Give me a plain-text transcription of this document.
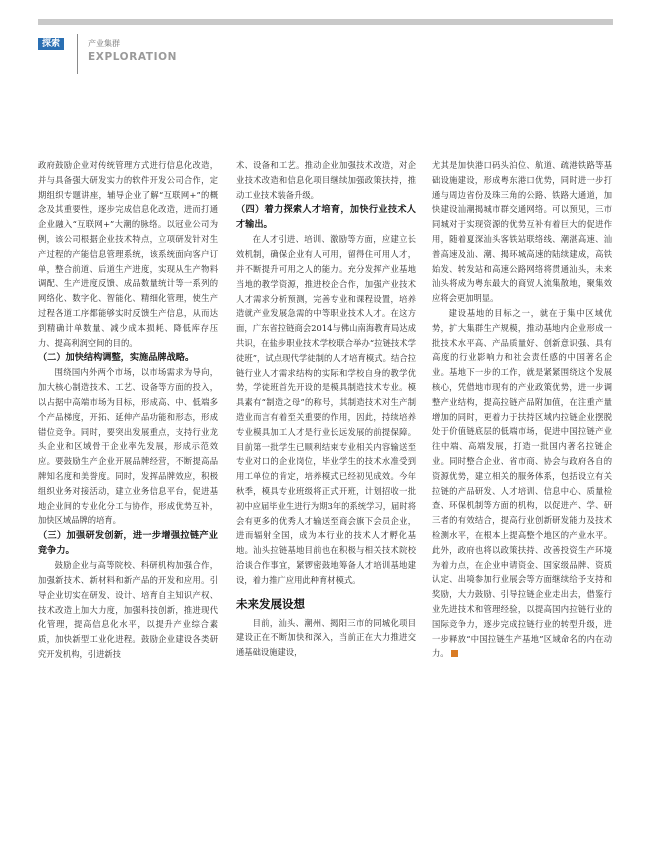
探索	产业集群
EXPLORATION

政府鼓励企业对传统管理方式进行信息化改造，并与具备强大研发实力的软件开发公司合作，定期组织专题讲座，辅导企业了解“互联网+”的概念及其重要性，逐步完成信息化改造，进而打通企业融入“互联网+”大潮的脉络。以冠业公司为例，该公司根据企业技术特点，立项研发针对生产过程的产能信息管理系统，该系统面向客户订单，整合前道、后道生产进度，实现从生产物料调配、生产进度反馈、成品数量统计等一系列的网络化、数字化、智能化、精细化管理，使生产过程各道工序都能够实时反馈生产信息，从而达到精确计单数量、减少成本损耗、降低库存压力、提高利润空间的目的。

（二）加快结构调整，实施品牌战略。

围绕国内外两个市场，以市场需求为导向，加大核心制造技术、工艺、设备等方面的投入，以占据中高端市场为目标，形成高、中、低端多个产品梯度，开拓、延伸产品功能和形态，形成错位竞争。同时，要突出发展重点，支持行业龙头企业和区域骨干企业率先发展，形成示范效应。要鼓励生产企业开展品牌经营，不断提高品牌知名度和美誉度。同时，发挥品牌效应，积极组织业务对接活动，建立业务信息平台，促进基地企业间的专业化分工与协作，形成优势互补，加快区域品牌的培育。

（三）加强研发创新，进一步增强拉链产业竞争力。

鼓励企业与高等院校、科研机构加强合作，加强新技术、新材料和新产品的开发和应用。引导企业切实在研发、设计、培育自主知识产权、技术改造上加大力度，加强科技创新，推进现代化管理，提高信息化水平，以提升产业综合素质，加快新型工业化进程。鼓励企业建设各类研究开发机构，引进新技

术、设备和工艺。推动企业加强技术改造，对企业技术改造和信息化项目继续加强政策扶持，推动工业技术装备升级。

（四）着力探索人才培育，加快行业技术人才输出。

在人才引进、培训、激励等方面，应建立长效机制，确保企业有人可用，留得住可用人才，并不断提升可用之人的能力。充分发挥产业基地当地的教学资源，推进校企合作，加强产业技术人才需求分析预测，完善专业和课程设置，培养造就产业发展急需的中等职业技术人才。在这方面，广东省拉链商会2014与佛山南海教育局达成共识，在盐步职业技术学校联合举办“拉链技术学徒班”，试点现代学徒制的人才培育模式。结合拉链行业人才需求结构的实际和学校自身的教学优势，学徒班首先开设的是模具制造技术专业。模具素有“制造之母”的称号，其制造技术对生产制造业而言有着至关重要的作用，因此，持续培养专业模具加工人才是行业长远发展的前提保障。目前第一批学生已顺利结束专业相关内容输送至专业对口的企业岗位，毕业学生的技术水准受到用工单位的肯定，培养模式已经初见成效。今年秋季，模具专业班级将正式开班，计划招收一批初中应届毕业生进行为期3年的系统学习，届时将会有更多的优秀人才输送至商会旗下会员企业，进而辐射全国，成为本行业的技术人才孵化基地。汕头拉链基地目前也在积极与相关技术院校洽谈合作事宜，紧锣密鼓地筹备人才培训基地建设，着力推广应用此种育材模式。

未来发展设想

目前，汕头、潮州、揭阳三市的同城化项目建设正在不断加快和深入，当前正在大力推进交通基础设施建设，

尤其是加快港口码头泊位、航道、疏港铁路等基础设施建设，形成粤东港口优势，同时进一步打通与周边省份及珠三角的公路、铁路大通道，加快建设汕潮揭城市群交通网络。可以预见，三市同城对于实现资源的优势互补有着巨大的促进作用，随着夏深汕头客铁站联络线、潮湛高速、汕普高速及汕、潮、揭环城高速的陆续建成，高铁始发、转发站和高速公路网络将贯通汕头，未来汕头将成为粤东最大的商贸人流集散地，聚集效应将会更加明显。

建设基地的目标之一，就在于集中区域优势，扩大集群生产规模，推动基地内企业形成一批技术水平高、产品质量好、创新意识强、具有高度的行业影响力和社会责任感的中国著名企业。基地下一步的工作，就是紧紧围绕这个发展核心，凭借地市现有的产业政策优势，进一步调整产业结构，提高拉链产品附加值，在注重产量增加的同时，更着力于扶持区域内拉链企业摆脱处于价值链底层的低端市场，促进中国拉链产业往中端、高端发展，打造一批国内著名拉链企业。同时整合企业、省市商、协会与政府各自的资源优势，建立相关的服务体系，包括设立有关拉链的产品研发、人才培训、信息中心、质量检查、环保机制等方面的机构，以促进产、学、研三者的有效结合，提高行业创新研发能力及技术检测水平，在根本上提高整个地区的产业水平。此外，政府也将以政策扶持、改善投资生产环境为着力点，在企业申请资金、国家级品牌、资质认定、出境参加行业展会等方面继续给予支持和奖励，大力鼓励、引导拉链企业走出去，借鉴行业先进技术和管理经验，以提高国内拉链行业的国际竞争力，逐步完成拉链行业的转型升级，进一步释放“中国拉链生产基地”区域命名的内在动力。
